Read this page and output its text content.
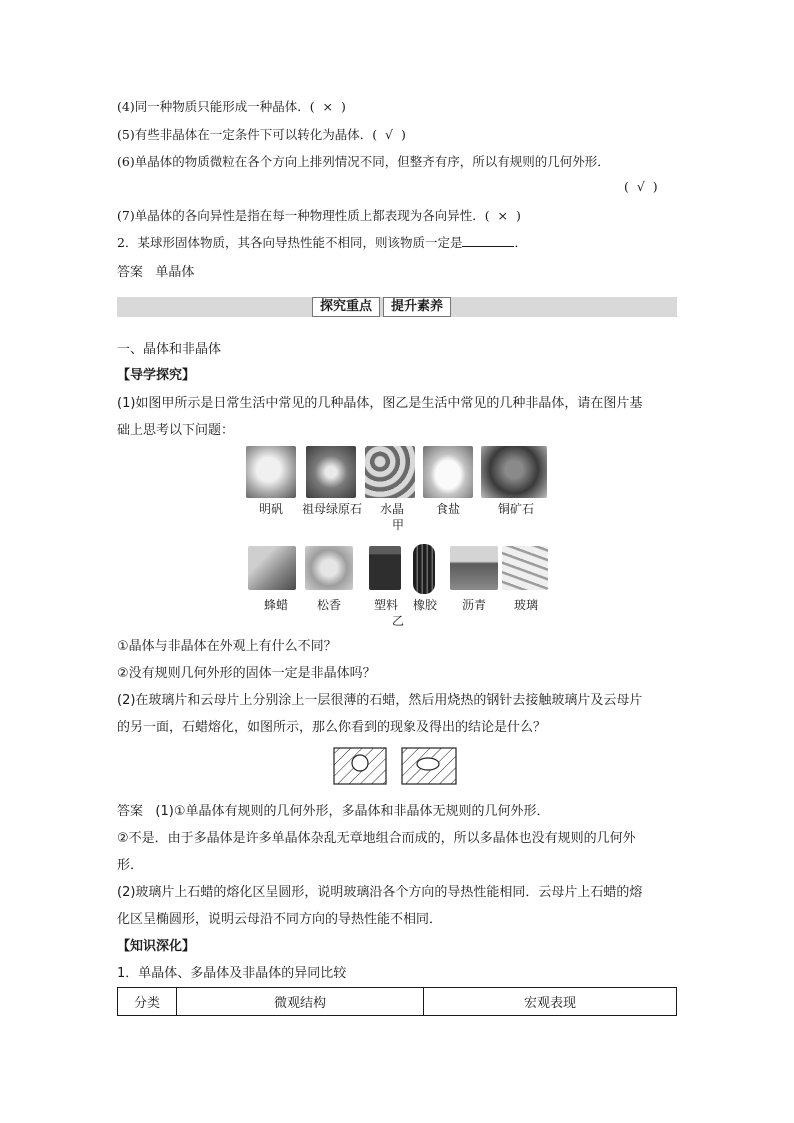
(4)同一种物质只能形成一种晶体．( × )
(5)有些非晶体在一定条件下可以转化为晶体．( √ )
(6)单晶体的物质微粒在各个方向上排列情况不同，但整齐有序，所以有规则的几何外形．
( √ )
(7)单晶体的各向异性是指在每一种物理性质上都表现为各向异性．( × )
2．某球形固体物质，其各向导热性能不相同，则该物质一定是	．
答案 单晶体
探究重点	提升素养
一、晶体和非晶体
【导学探究】
(1)如图甲所示是日常生活中常见的几种晶体，图乙是生活中常见的几种非晶体，请在图片基
础上思考以下问题：
明矾	祖母绿原石	水晶	食盐	铜矿石
甲
蜂蜡	松香	塑料	橡胶	沥青	玻璃
乙
①晶体与非晶体在外观上有什么不同？
②没有规则几何外形的固体一定是非晶体吗？
(2)在玻璃片和云母片上分别涂上一层很薄的石蜡，然后用烧热的钢针去接触玻璃片及云母片
的另一面，石蜡熔化，如图所示，那么你看到的现象及得出的结论是什么？
答案 (1)①单晶体有规则的几何外形，多晶体和非晶体无规则的几何外形．
②不是．由于多晶体是许多单晶体杂乱无章地组合而成的，所以多晶体也没有规则的几何外
形．
(2)玻璃片上石蜡的熔化区呈圆形，说明玻璃沿各个方向的导热性能相同．云母片上石蜡的熔
化区呈椭圆形，说明云母沿不同方向的导热性能不相同．
【知识深化】
1．单晶体、多晶体及非晶体的异同比较
分类	微观结构	宏观表现
